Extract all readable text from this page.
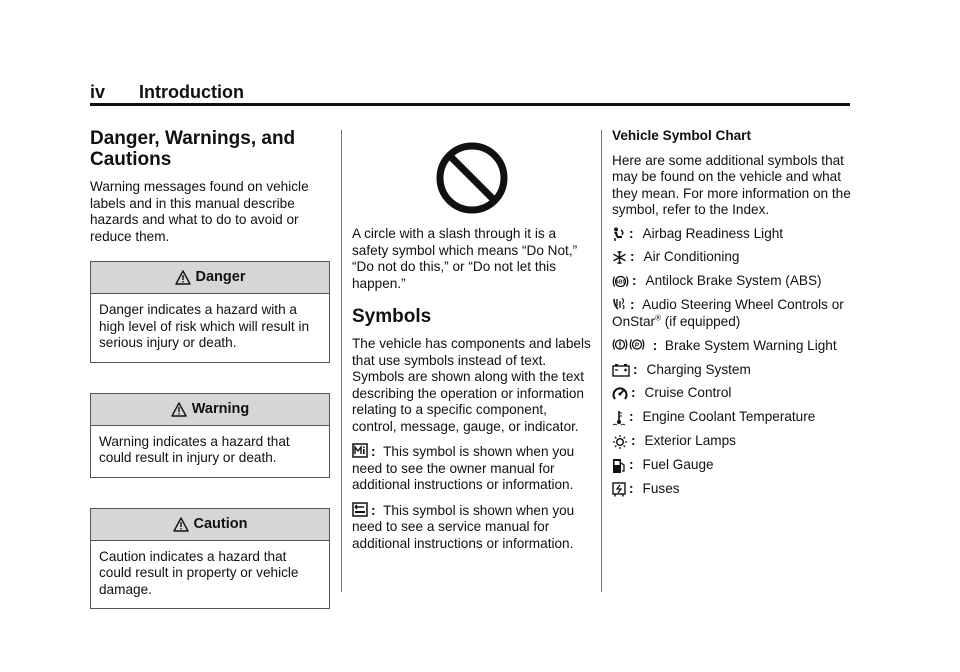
iv Introduction
Danger, Warnings, and Cautions

Warning messages found on vehicle labels and in this manual describe hazards and what to do to avoid or reduce them.

Danger
Danger indicates a hazard with a high level of risk which will result in serious injury or death.
Warning
Warning indicates a hazard that could result in injury or death.
Caution
Caution indicates a hazard that could result in property or vehicle damage.

A circle with a slash through it is a safety symbol which means “Do Not,” “Do not do this,” or “Do not let this happen.”

Symbols

The vehicle has components and labels that use symbols instead of text. Symbols are shown along with the text describing the operation or information relating to a specific component, control, message, gauge, or indicator.

: This symbol is shown when you need to see the owner manual for additional instructions or information.

: This symbol is shown when you need to see a service manual for additional instructions or information.

Vehicle Symbol Chart

Here are some additional symbols that may be found on the vehicle and what they mean. For more information on the symbol, refer to the Index.

: Airbag Readiness Light
: Air Conditioning
ABS : Antilock Brake System (ABS)
: Audio Steering Wheel Controls or OnStar® (if equipped)
P : Brake System Warning Light
: Charging System
: Cruise Control
: Engine Coolant Temperature
: Exterior Lamps
: Fuel Gauge
: Fuses
